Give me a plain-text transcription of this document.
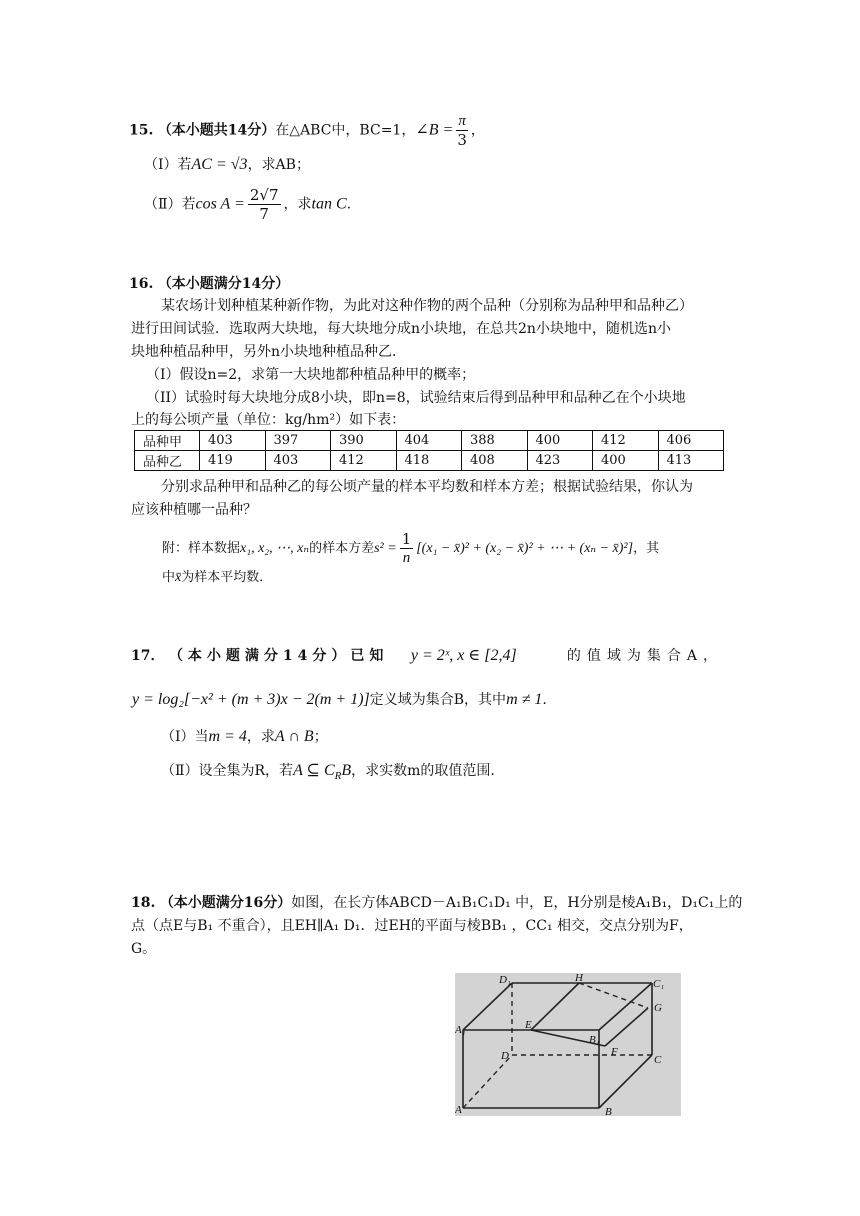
15. （本小题共14分）在△ABC中，BC=1，∠B = $\frac{\pi}{3}$ ，
（Ⅰ）若AC = √3，求AB；
（Ⅱ）若$\cos A = \frac{2√7}{7}$ ，求tan C.
16. （本小题满分14分）
某农场计划种植某种新作物，为此对这种作物的两个品种（分别称为品种甲和品种乙）
进行田间试验．选取两大块地，每大块地分成n小块地，在总共2n小块地中，随机选n小
块地种植品种甲，另外n小块地种植品种乙．
（I）假设n=2，求第一大块地都种植品种甲的概率；
（II）试验时每大块地分成8小块，即n=8，试验结束后得到品种甲和品种乙在个小块地
上的每公顷产量（单位：kg/hm²）如下表：
品种甲	403	397	390	404	388	400	412	406
品种乙	419	403	412	418	408	423	400	413
分别求品种甲和品种乙的每公顷产量的样本平均数和样本方差；根据试验结果，你认为
应该种植哪一品种？
附：样本数据x₁, x₂, ⋯, xₙ的样本方差$s^2 = \frac{1}{n} [(x_1$ − x̄)² + (x₂ − x̄)² + ⋯ + (xₙ − x̄)²]，其
中x̄为样本平均数．
17． （本小题满分14分）已知 y = 2ˣ, x ∈ [2,4]	的值域为集合A，
y = log₂[−x² + (m + 3)x − 2(m + 1)]定义域为集合B，其中m ≠ 1.
（Ⅰ）当m = 4，求A ∩ B；
（Ⅱ）设全集为R，若A ⊆ $C_RB$，求实数m的取值范围.
18. （本小题满分16分）如图，在长方体ABCD－A₁B₁C₁D₁ 中，E，H分别是棱A₁B₁，D₁C₁上的
点（点E与B₁ 不重合），且EH∥A₁ D₁．过EH的平面与棱BB₁ ，CC₁ 相交，交点分别为F，
G。
D₁	H	C₁
G
A₁	E
B₁
F
D	C
A	B
